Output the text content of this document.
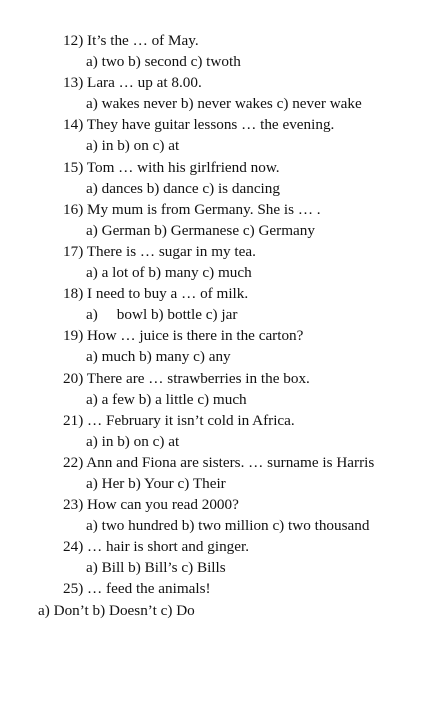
12) It’s the … of May.
a) two b) second c) twoth
13) Lara … up at 8.00.
a) wakes never b) never wakes c) never wake
14) They have guitar lessons … the evening.
a) in b) on c) at
15) Tom … with his girlfriend now.
a) dances b) dance c) is dancing
16) My mum is from Germany. She is … .
a) German b) Germanese c) Germany
17) There is … sugar in my tea.
a) a lot of b) many c) much
18) I need to buy a … of milk.
a)     bowl b) bottle c) jar
19) How … juice is there in the carton?
a) much b) many c) any
20) There are … strawberries in the box.
a) a few b) a little c) much
21) … February it isn’t cold in Africa.
a) in b) on c) at
22) Ann and Fiona are sisters. … surname is Harris
a) Her b) Your c) Their
23) How can you read 2000?
a) two hundred b) two million c) two thousand
24) … hair is short and ginger.
a) Bill b) Bill’s c) Bills
25) … feed the animals!
a) Don’t b) Doesn’t c) Do
